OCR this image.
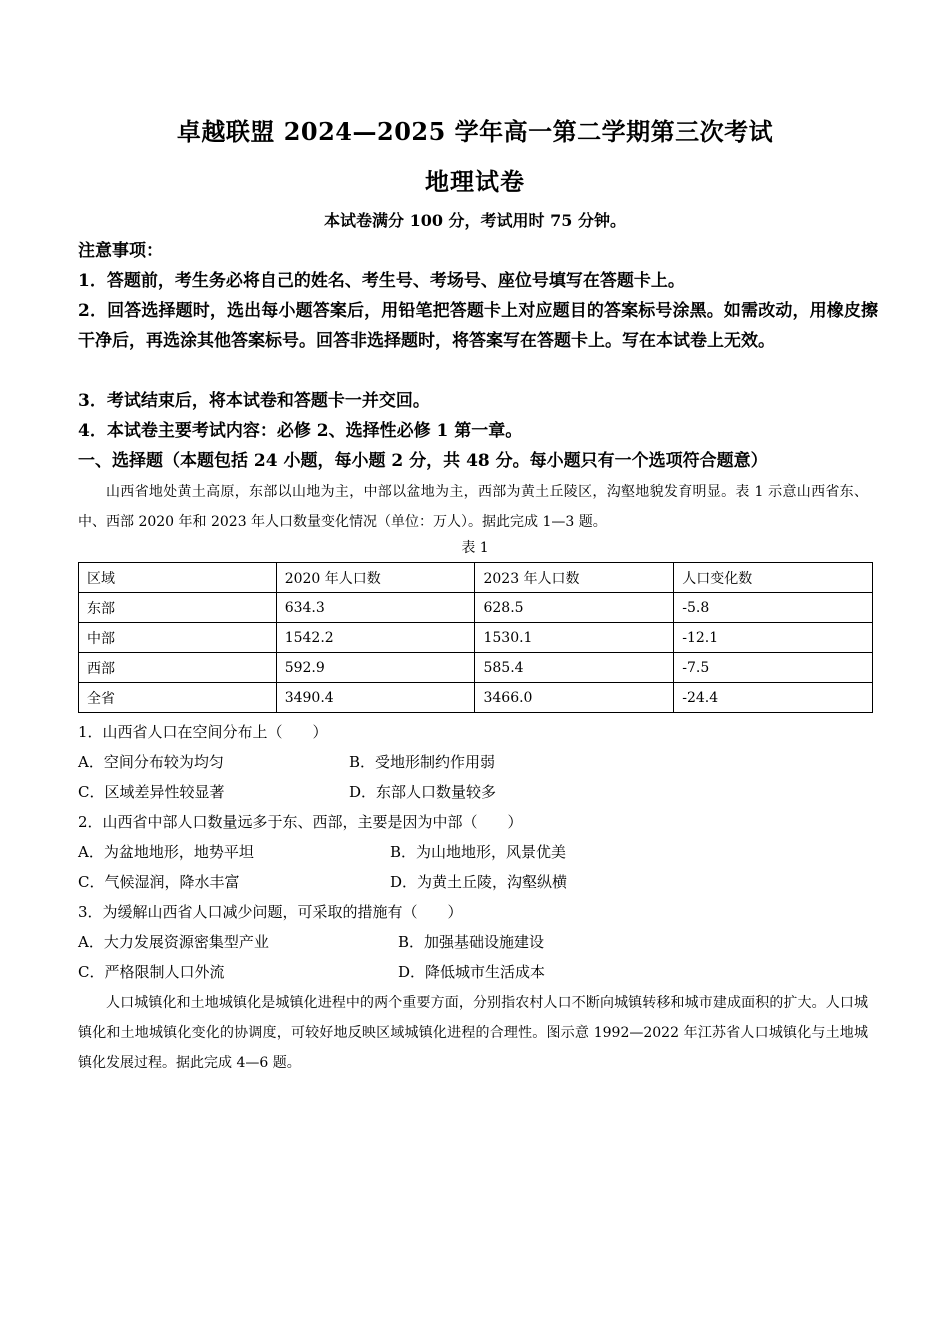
卓越联盟 2024—2025 学年高一第二学期第三次考试
地理试卷
本试卷满分 100 分，考试用时 75 分钟。
注意事项：
1．答题前，考生务必将自己的姓名、考生号、考场号、座位号填写在答题卡上。
2．回答选择题时，选出每小题答案后，用铅笔把答题卡上对应题目的答案标号涂黑。如需改动，用橡皮擦干净后，再选涂其他答案标号。回答非选择题时，将答案写在答题卡上。写在本试卷上无效。
3．考试结束后，将本试卷和答题卡一并交回。
4．本试卷主要考试内容：必修 2、选择性必修 1 第一章。
一、选择题（本题包括 24 小题，每小题 2 分，共 48 分。每小题只有一个选项符合题意）
山西省地处黄土高原，东部以山地为主，中部以盆地为主，西部为黄土丘陵区，沟壑地貌发育明显。表 1 示意山西省东、中、西部 2020 年和 2023 年人口数量变化情况（单位：万人）。据此完成 1—3 题。
表 1
区域	2020 年人口数	2023 年人口数	人口变化数
东部	634.3	628.5	-5.8
中部	1542.2	1530.1	-12.1
西部	592.9	585.4	-7.5
全省	3490.4	3466.0	-24.4
1．山西省人口在空间分布上（　　）
A．空间分布较为均匀	B．受地形制约作用弱
C．区域差异性较显著	D．东部人口数量较多
2．山西省中部人口数量远多于东、西部，主要是因为中部（　　）
A．为盆地地形，地势平坦	B．为山地地形，风景优美
C．气候湿润，降水丰富	D．为黄土丘陵，沟壑纵横
3．为缓解山西省人口减少问题，可采取的措施有（　　）
A．大力发展资源密集型产业	B．加强基础设施建设
C．严格限制人口外流	D．降低城市生活成本
人口城镇化和土地城镇化是城镇化进程中的两个重要方面，分别指农村人口不断向城镇转移和城市建成面积的扩大。人口城镇化和土地城镇化变化的协调度，可较好地反映区域城镇化进程的合理性。图示意 1992—2022 年江苏省人口城镇化与土地城镇化发展过程。据此完成 4—6 题。
